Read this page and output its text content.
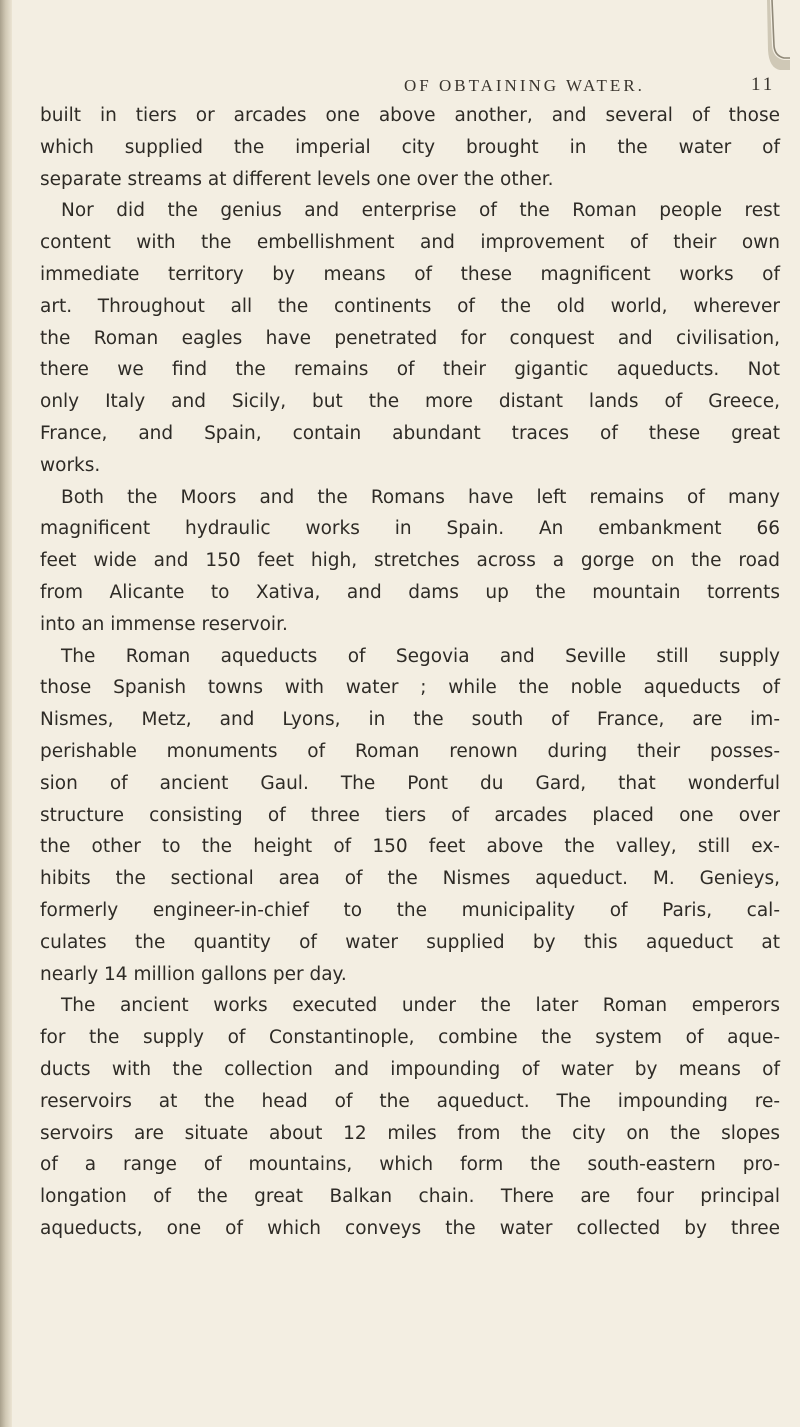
OF OBTAINING WATER.	11
built in tiers or arcades one above another, and several of those
which supplied the imperial city brought in the water of
separate streams at different levels one over the other.
Nor did the genius and enterprise of the Roman people rest
content with the embellishment and improvement of their own
immediate territory by means of these magnificent works of
art. Throughout all the continents of the old world, wherever
the Roman eagles have penetrated for conquest and civilisation,
there we find the remains of their gigantic aqueducts. Not
only Italy and Sicily, but the more distant lands of Greece,
France, and Spain, contain abundant traces of these great
works.
Both the Moors and the Romans have left remains of many
magnificent hydraulic works in Spain. An embankment 66
feet wide and 150 feet high, stretches across a gorge on the road
from Alicante to Xativa, and dams up the mountain torrents
into an immense reservoir.
The Roman aqueducts of Segovia and Seville still supply
those Spanish towns with water ; while the noble aqueducts of
Nismes, Metz, and Lyons, in the south of France, are im-
perishable monuments of Roman renown during their posses-
sion of ancient Gaul. The Pont du Gard, that wonderful
structure consisting of three tiers of arcades placed one over
the other to the height of 150 feet above the valley, still ex-
hibits the sectional area of the Nismes aqueduct. M. Genieys,
formerly engineer-in-chief to the municipality of Paris, cal-
culates the quantity of water supplied by this aqueduct at
nearly 14 million gallons per day.
The ancient works executed under the later Roman emperors
for the supply of Constantinople, combine the system of aque-
ducts with the collection and impounding of water by means of
reservoirs at the head of the aqueduct. The impounding re-
servoirs are situate about 12 miles from the city on the slopes
of a range of mountains, which form the south-eastern pro-
longation of the great Balkan chain. There are four principal
aqueducts, one of which conveys the water collected by three
